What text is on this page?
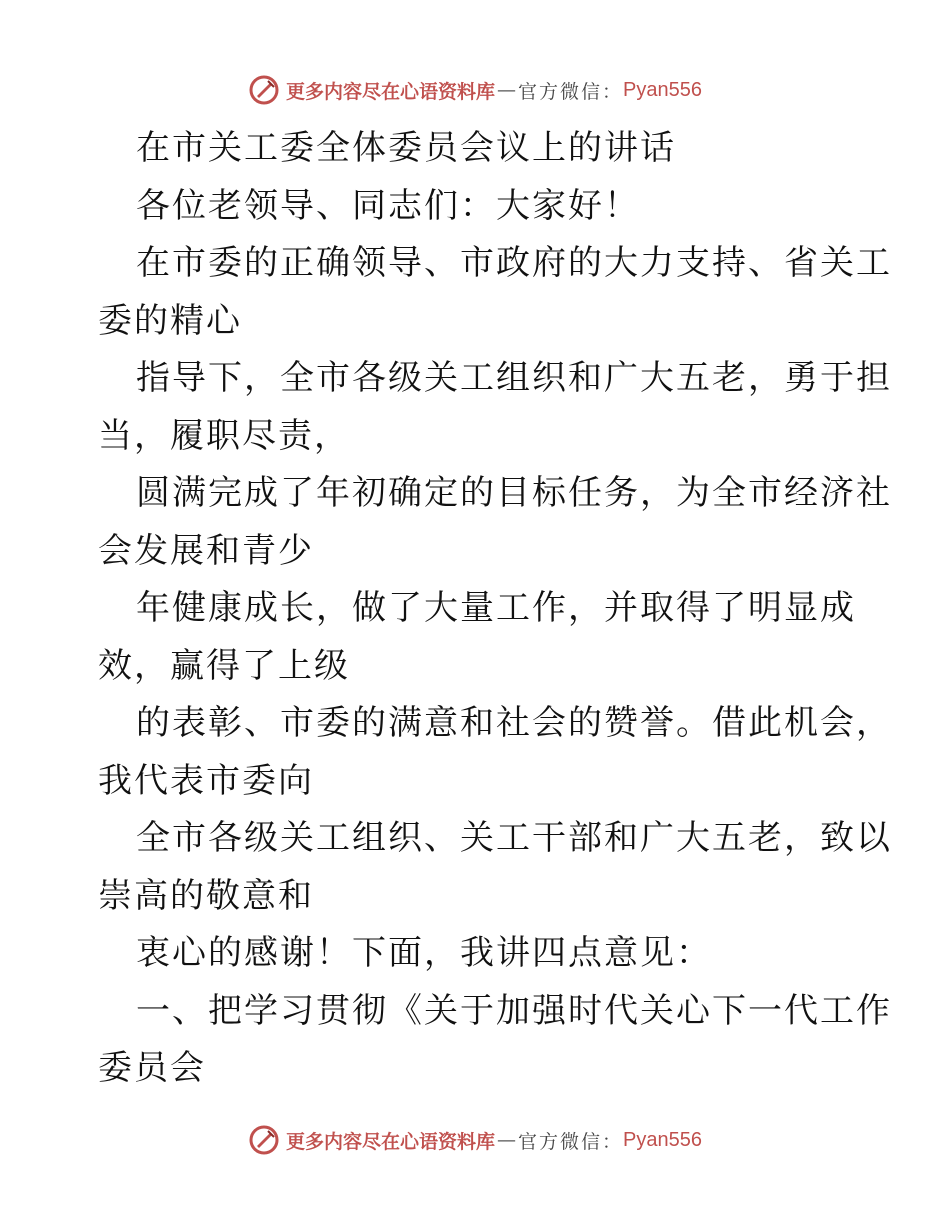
更多内容尽在心语资料库 — 官方微信： Pyan556
在市关工委全体委员会议上的讲话
各位老领导、同志们：大家好！
在市委的正确领导、市政府的大力支持、省关工
委的精心
指导下，全市各级关工组织和广大五老，勇于担
当，履职尽责，
圆满完成了年初确定的目标任务，为全市经济社
会发展和青少
年健康成长，做了大量工作，并取得了明显成
效，赢得了上级
的表彰、市委的满意和社会的赞誉。借此机会，
我代表市委向
全市各级关工组织、关工干部和广大五老，致以
崇高的敬意和
衷心的感谢！下面，我讲四点意见：
一、把学习贯彻《关于加强时代关心下一代工作
委员会
更多内容尽在心语资料库 — 官方微信： Pyan556
